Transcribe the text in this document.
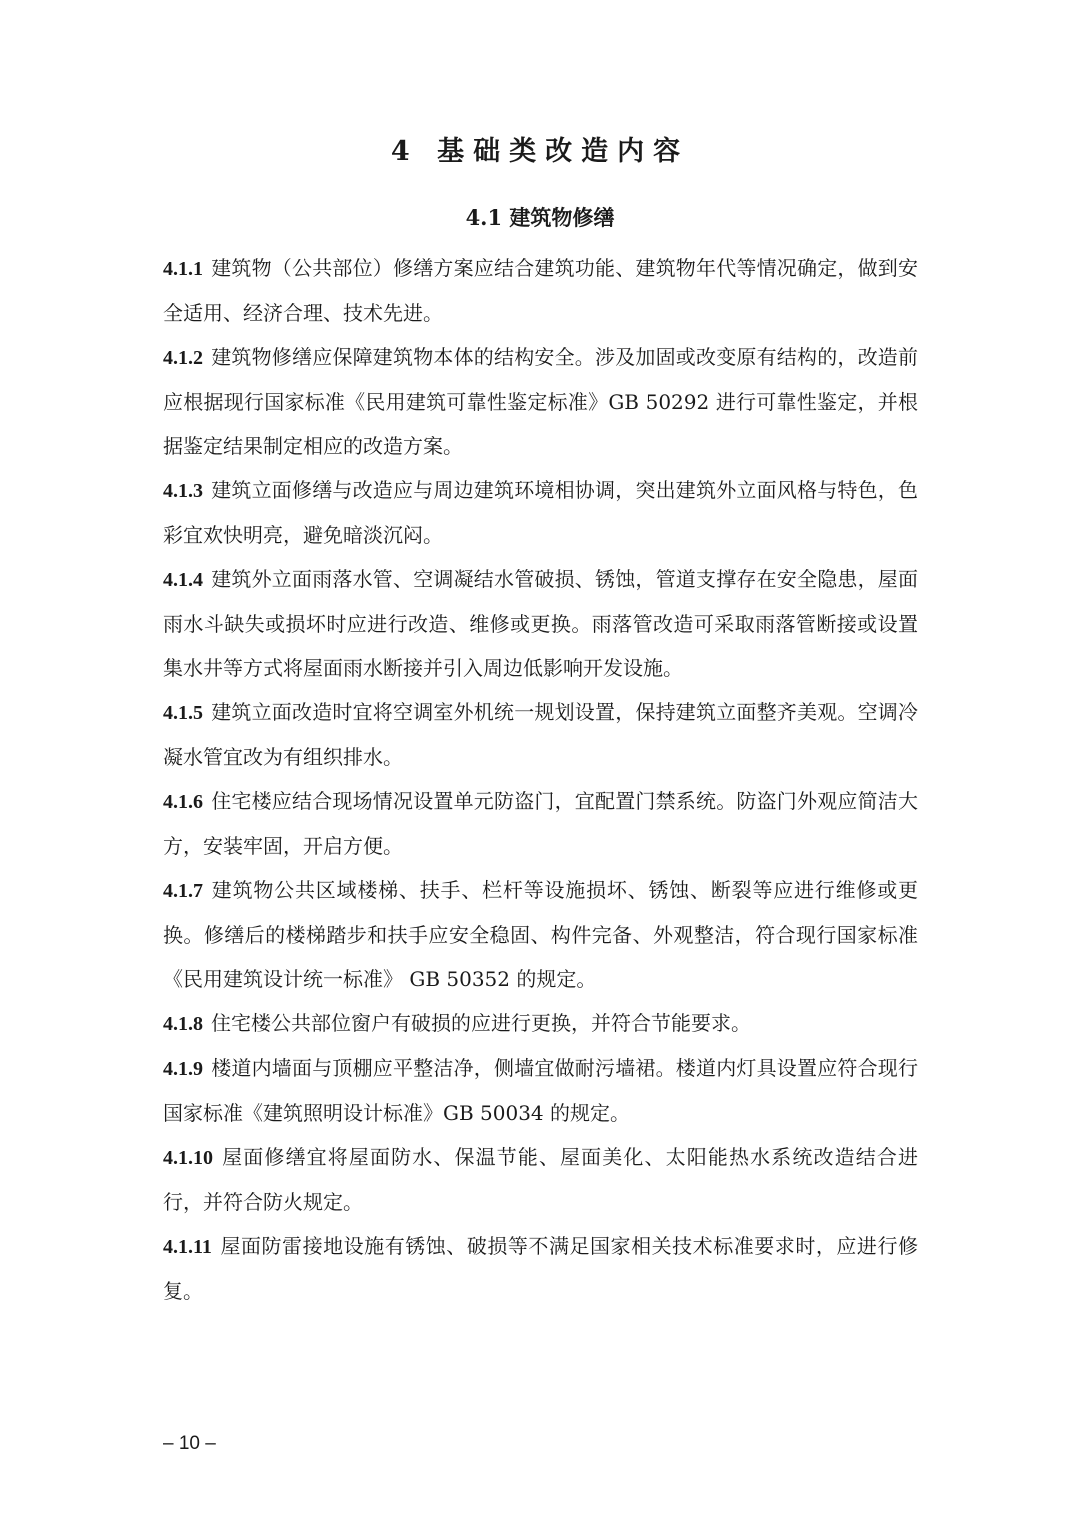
4 基础类改造内容
4.1 建筑物修缮

4.1.1 建筑物（公共部位）修缮方案应结合建筑功能、建筑物年代等情况确定，做到安全适用、经济合理、技术先进。

4.1.2 建筑物修缮应保障建筑物本体的结构安全。涉及加固或改变原有结构的，改造前应根据现行国家标准《民用建筑可靠性鉴定标准》GB 50292 进行可靠性鉴定，并根据鉴定结果制定相应的改造方案。

4.1.3 建筑立面修缮与改造应与周边建筑环境相协调，突出建筑外立面风格与特色，色彩宜欢快明亮，避免暗淡沉闷。

4.1.4 建筑外立面雨落水管、空调凝结水管破损、锈蚀，管道支撑存在安全隐患，屋面雨水斗缺失或损坏时应进行改造、维修或更换。雨落管改造可采取雨落管断接或设置集水井等方式将屋面雨水断接并引入周边低影响开发设施。

4.1.5 建筑立面改造时宜将空调室外机统一规划设置，保持建筑立面整齐美观。空调冷凝水管宜改为有组织排水。

4.1.6 住宅楼应结合现场情况设置单元防盗门，宜配置门禁系统。防盗门外观应简洁大方，安装牢固，开启方便。

4.1.7 建筑物公共区域楼梯、扶手、栏杆等设施损坏、锈蚀、断裂等应进行维修或更换。修缮后的楼梯踏步和扶手应安全稳固、构件完备、外观整洁，符合现行国家标准《民用建筑设计统一标准》 GB 50352 的规定。

4.1.8 住宅楼公共部位窗户有破损的应进行更换，并符合节能要求。

4.1.9 楼道内墙面与顶棚应平整洁净，侧墙宜做耐污墙裙。楼道内灯具设置应符合现行国家标准《建筑照明设计标准》GB 50034 的规定。

4.1.10 屋面修缮宜将屋面防水、保温节能、屋面美化、太阳能热水系统改造结合进行，并符合防火规定。

4.1.11 屋面防雷接地设施有锈蚀、破损等不满足国家相关技术标准要求时，应进行修复。

– 10 –
